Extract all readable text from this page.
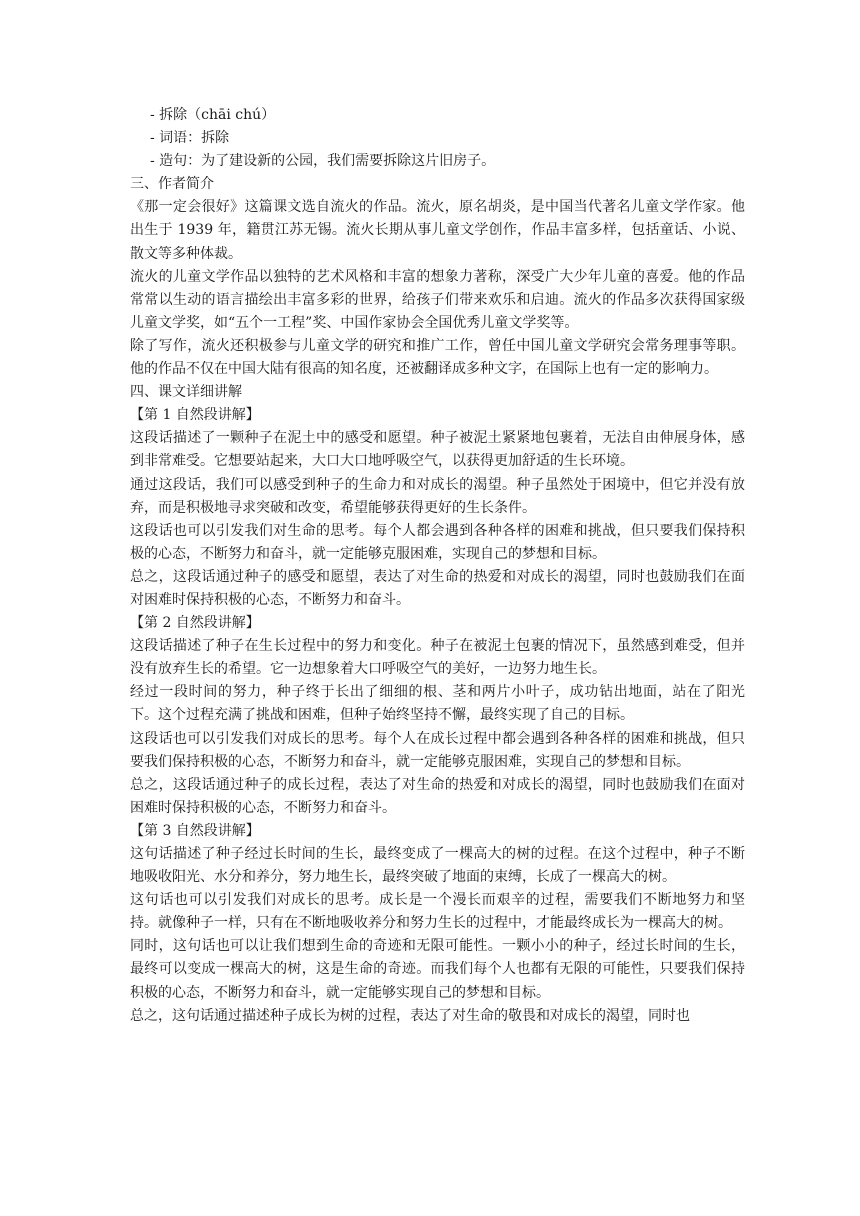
- 拆除（chāi chú）

- 词语：拆除

- 造句：为了建设新的公园，我们需要拆除这片旧房子。

三、作者简介

《那一定会很好》这篇课文选自流火的作品。流火，原名胡炎，是中国当代著名儿童文学作家。他出生于 1939 年，籍贯江苏无锡。流火长期从事儿童文学创作，作品丰富多样，包括童话、小说、散文等多种体裁。

流火的儿童文学作品以独特的艺术风格和丰富的想象力著称，深受广大少年儿童的喜爱。他的作品常常以生动的语言描绘出丰富多彩的世界，给孩子们带来欢乐和启迪。流火的作品多次获得国家级儿童文学奖，如“五个一工程”奖、中国作家协会全国优秀儿童文学奖等。

除了写作，流火还积极参与儿童文学的研究和推广工作，曾任中国儿童文学研究会常务理事等职。他的作品不仅在中国大陆有很高的知名度，还被翻译成多种文字，在国际上也有一定的影响力。

四、课文详细讲解

【第 1 自然段讲解】

这段话描述了一颗种子在泥土中的感受和愿望。种子被泥土紧紧地包裹着，无法自由伸展身体，感到非常难受。它想要站起来，大口大口地呼吸空气，以获得更加舒适的生长环境。

通过这段话，我们可以感受到种子的生命力和对成长的渴望。种子虽然处于困境中，但它并没有放弃，而是积极地寻求突破和改变，希望能够获得更好的生长条件。

这段话也可以引发我们对生命的思考。每个人都会遇到各种各样的困难和挑战，但只要我们保持积极的心态，不断努力和奋斗，就一定能够克服困难，实现自己的梦想和目标。

总之，这段话通过种子的感受和愿望，表达了对生命的热爱和对成长的渴望，同时也鼓励我们在面对困难时保持积极的心态，不断努力和奋斗。

【第 2 自然段讲解】

这段话描述了种子在生长过程中的努力和变化。种子在被泥土包裹的情况下，虽然感到难受，但并没有放弃生长的希望。它一边想象着大口呼吸空气的美好，一边努力地生长。

经过一段时间的努力，种子终于长出了细细的根、茎和两片小叶子，成功钻出地面，站在了阳光下。这个过程充满了挑战和困难，但种子始终坚持不懈，最终实现了自己的目标。

这段话也可以引发我们对成长的思考。每个人在成长过程中都会遇到各种各样的困难和挑战，但只要我们保持积极的心态，不断努力和奋斗，就一定能够克服困难，实现自己的梦想和目标。

总之，这段话通过种子的成长过程，表达了对生命的热爱和对成长的渴望，同时也鼓励我们在面对困难时保持积极的心态，不断努力和奋斗。

【第 3 自然段讲解】

这句话描述了种子经过长时间的生长，最终变成了一棵高大的树的过程。在这个过程中，种子不断地吸收阳光、水分和养分，努力地生长，最终突破了地面的束缚，长成了一棵高大的树。

这句话也可以引发我们对成长的思考。成长是一个漫长而艰辛的过程，需要我们不断地努力和坚持。就像种子一样，只有在不断地吸收养分和努力生长的过程中，才能最终成长为一棵高大的树。

同时，这句话也可以让我们想到生命的奇迹和无限可能性。一颗小小的种子，经过长时间的生长，最终可以变成一棵高大的树，这是生命的奇迹。而我们每个人也都有无限的可能性，只要我们保持积极的心态，不断努力和奋斗，就一定能够实现自己的梦想和目标。

总之，这句话通过描述种子成长为树的过程，表达了对生命的敬畏和对成长的渴望，同时也
